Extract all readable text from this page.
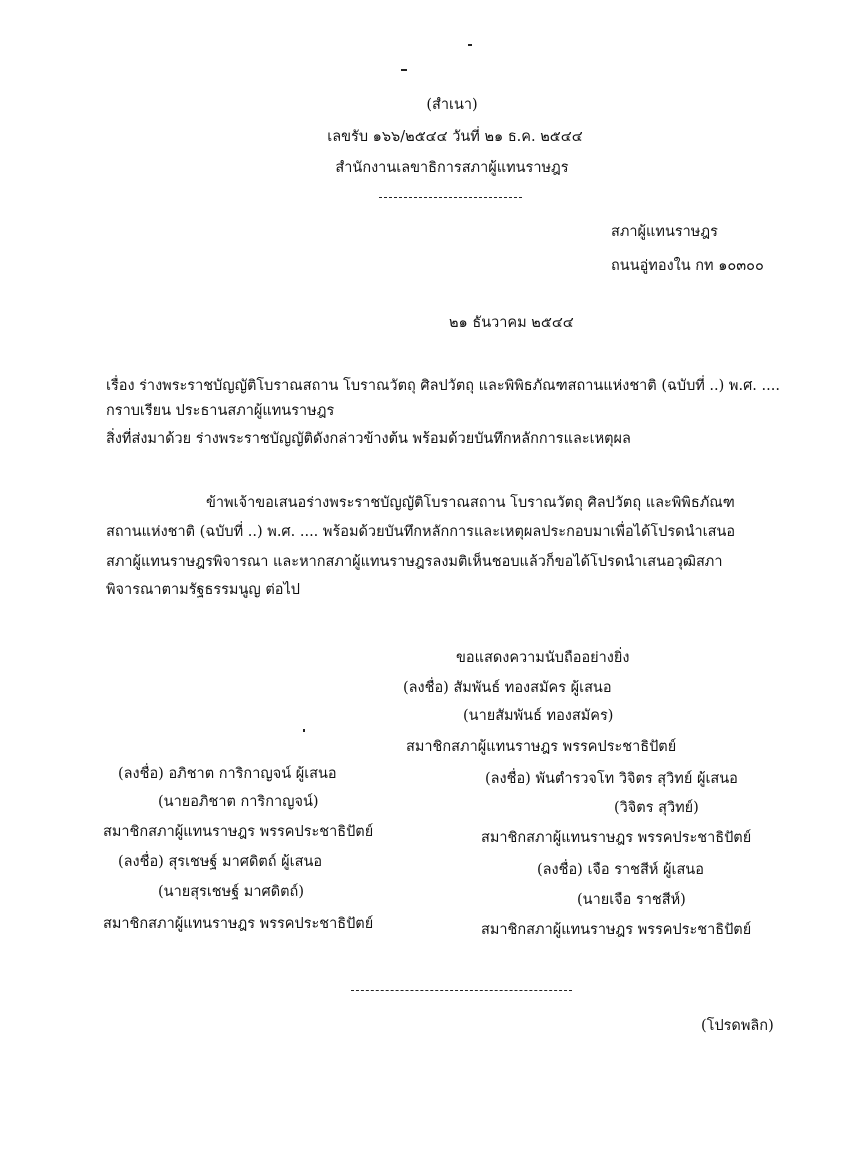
(สำเนา)
เลขรับ ๑๖๖/๒๕๔๔ วันที่ ๒๑ ธ.ค. ๒๕๔๔
สำนักงานเลขาธิการสภาผู้แทนราษฎร
สภาผู้แทนราษฎร
ถนนอู่ทองใน กท ๑๐๓๐๐
๒๑ ธันวาคม ๒๕๔๔
เรื่อง ร่างพระราชบัญญัติโบราณสถาน โบราณวัตถุ ศิลปวัตถุ และพิพิธภัณฑสถานแห่งชาติ (ฉบับที่ ..) พ.ศ. ....
กราบเรียน ประธานสภาผู้แทนราษฎร
สิ่งที่ส่งมาด้วย ร่างพระราชบัญญัติดังกล่าวข้างต้น พร้อมด้วยบันทึกหลักการและเหตุผล
ข้าพเจ้าขอเสนอร่างพระราชบัญญัติโบราณสถาน โบราณวัตถุ ศิลปวัตถุ และพิพิธภัณฑ
สถานแห่งชาติ (ฉบับที่ ..) พ.ศ. .... พร้อมด้วยบันทึกหลักการและเหตุผลประกอบมาเพื่อได้โปรดนำเสนอ
สภาผู้แทนราษฎรพิจารณา และหากสภาผู้แทนราษฎรลงมติเห็นชอบแล้วก็ขอได้โปรดนำเสนอวุฒิสภา
พิจารณาตามรัฐธรรมนูญ ต่อไป
ขอแสดงความนับถืออย่างยิ่ง
(ลงชื่อ) สัมพันธ์ ทองสมัคร ผู้เสนอ
(นายสัมพันธ์ ทองสมัคร)
สมาชิกสภาผู้แทนราษฎร พรรคประชาธิปัตย์
(ลงชื่อ) อภิชาต การิกาญจน์ ผู้เสนอ
(นายอภิชาต การิกาญจน์)
สมาชิกสภาผู้แทนราษฎร พรรคประชาธิปัตย์
(ลงชื่อ) สุรเชษฐ์ มาศดิตถ์ ผู้เสนอ
(นายสุรเชษฐ์ มาศดิตถ์)
สมาชิกสภาผู้แทนราษฎร พรรคประชาธิปัตย์
(ลงชื่อ) พันตำรวจโท วิจิตร สุวิทย์ ผู้เสนอ
(วิจิตร สุวิทย์)
สมาชิกสภาผู้แทนราษฎร พรรคประชาธิปัตย์
(ลงชื่อ) เจือ ราชสีห์ ผู้เสนอ
(นายเจือ ราชสีห์)
สมาชิกสภาผู้แทนราษฎร พรรคประชาธิปัตย์
(โปรดพลิก)
